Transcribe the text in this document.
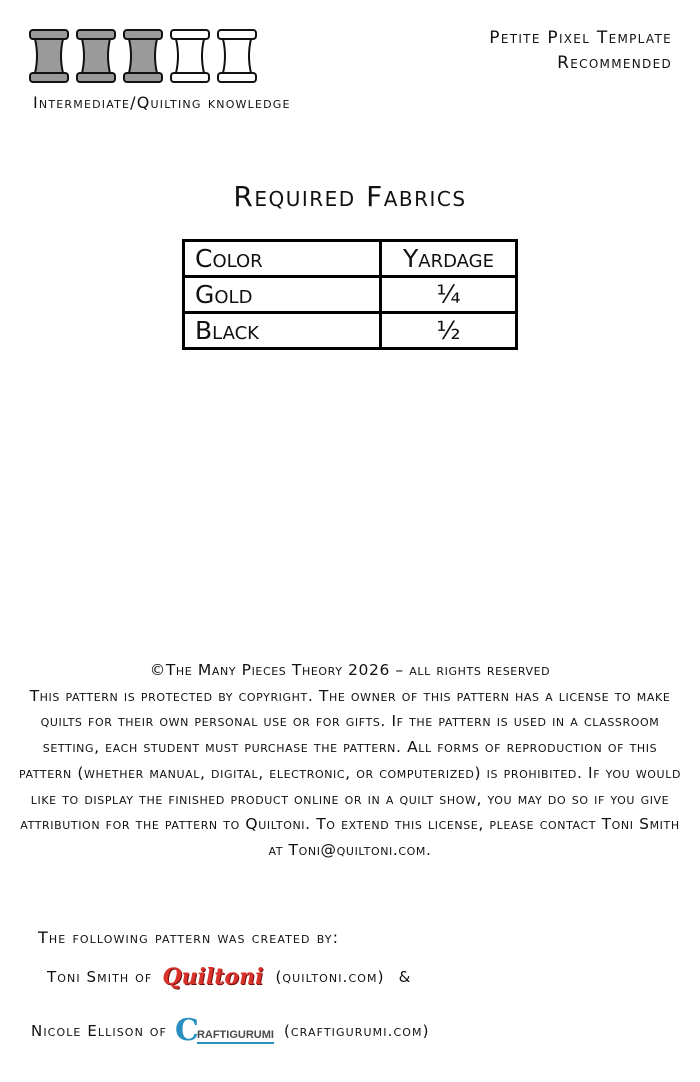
Intermediate/Quilting knowledge
Petite Pixel Template
Recommended
Required Fabrics
Color	Yardage
Gold	¼
Black	½
©The Many Pieces Theory 2026 – all rights reserved
This pattern is protected by copyright. The owner of this pattern has a license to make quilts for their own personal use or for gifts. If the pattern is used in a classroom setting, each student must purchase the pattern. All forms of reproduction of this pattern (whether manual, digital, electronic, or computerized) is prohibited. If you would like to display the finished product online or in a quilt show, you may do so if you give attribution for the pattern to Quiltoni. To extend this license, please contact Toni Smith at Toni@quiltoni.com.
The following pattern was created by:
Toni Smith of Quiltoni (quiltoni.com) &
Nicole Ellison of C
RAFTIGURUMI (craftigurumi.com)
